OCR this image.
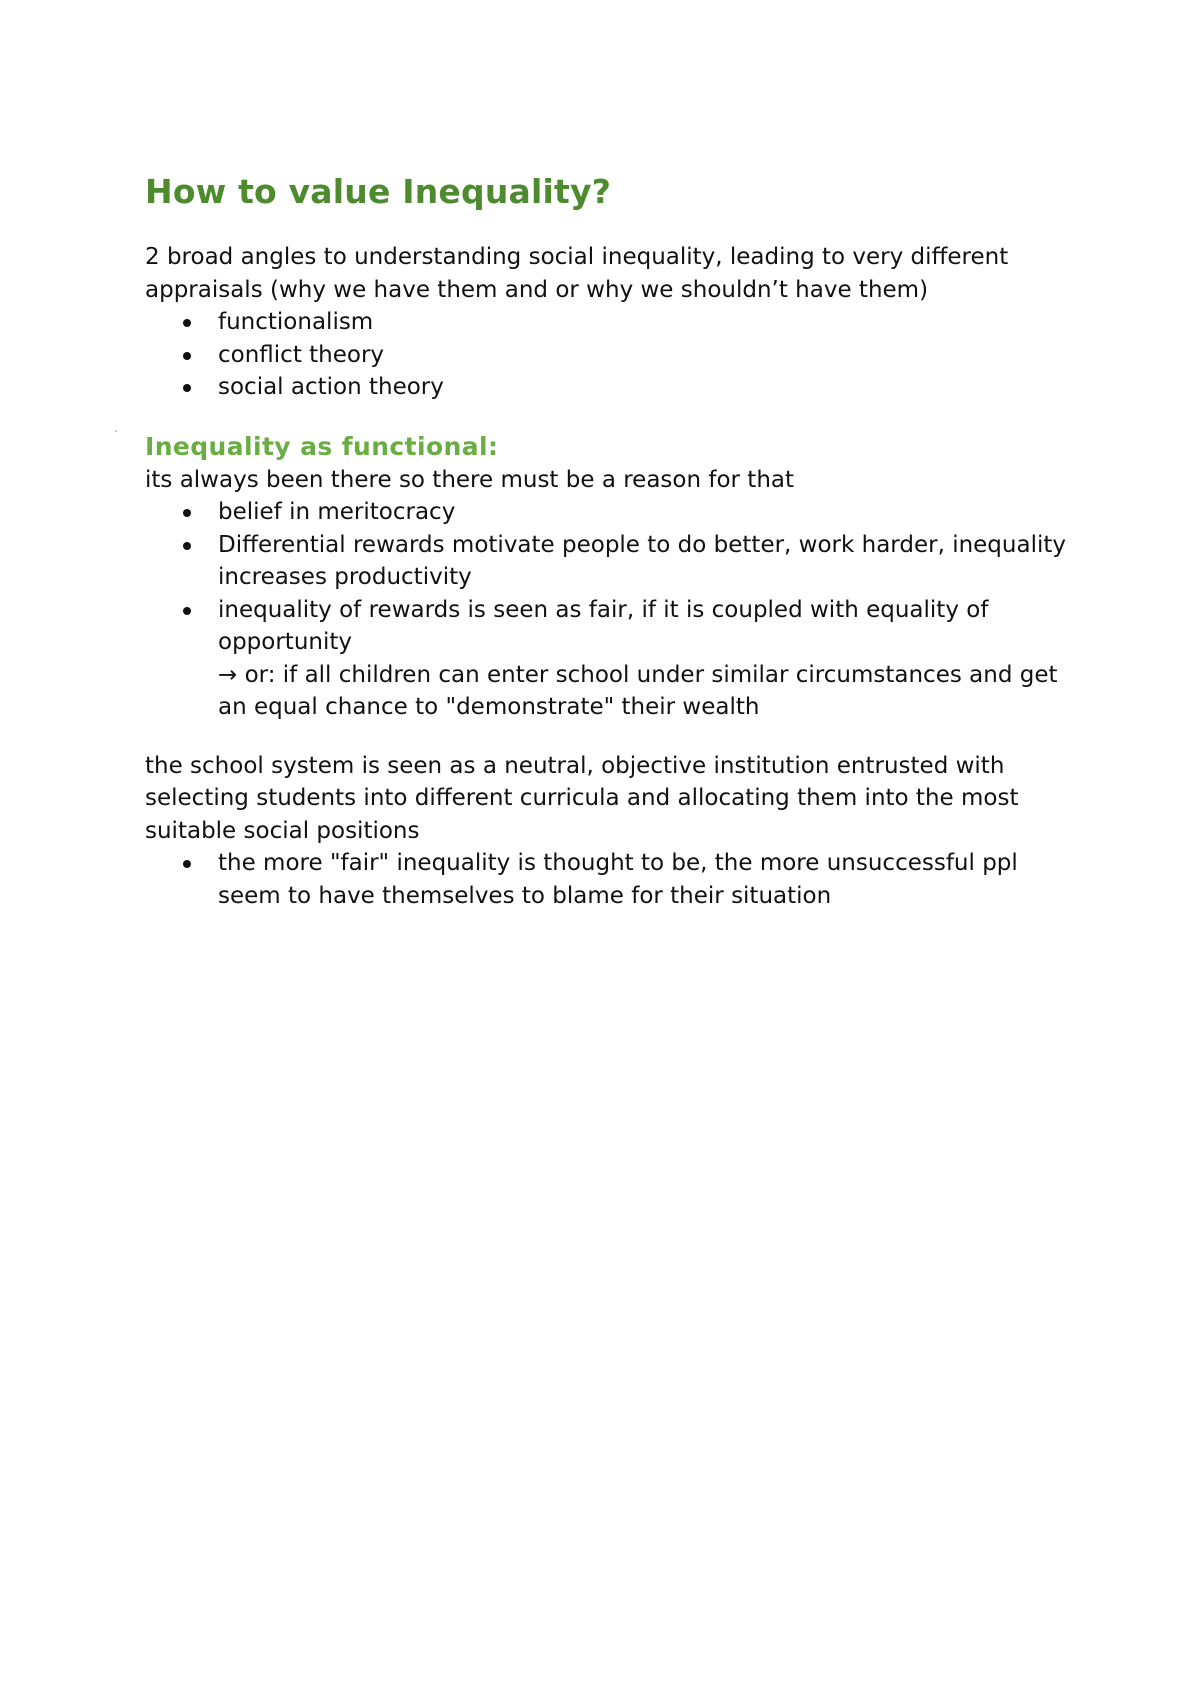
How to value Inequality?

2 broad angles to understanding social inequality, leading to very different appraisals (why we have them and or why we shouldn’t have them)

functionalism
conflict theory
social action theory
Inequality as functional:

its always been there so there must be a reason for that

belief in meritocracy
Differential rewards motivate people to do better, work harder, inequality increases productivity
inequality of rewards is seen as fair, if it is coupled with equality of opportunity
→ or: if all children can enter school under similar circumstances and get an equal chance to "demonstrate" their wealth

the school system is seen as a neutral, objective institution entrusted with selecting students into different curricula and allocating them into the most suitable social positions

the more "fair" inequality is thought to be, the more unsuccessful ppl seem to have themselves to blame for their situation
